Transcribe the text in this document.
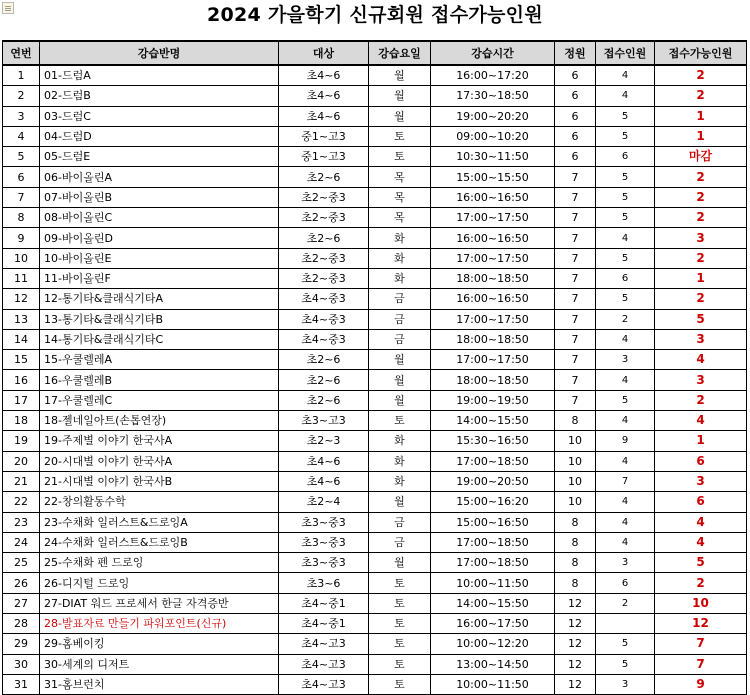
2024 가을학기 신규회원 접수가능인원
연번	강습반명	대상	강습요일	강습시간	정원	접수인원	접수가능인원
1	01-드럼A	초4~6	월	16:00~17:20	6	4	2
2	02-드럼B	초4~6	월	17:30~18:50	6	4	2
3	03-드럼C	초4~6	월	19:00~20:20	6	5	1
4	04-드럼D	중1~고3	토	09:00~10:20	6	5	1
5	05-드럼E	중1~고3	토	10:30~11:50	6	6	마감
6	06-바이올린A	초2~6	목	15:00~15:50	7	5	2
7	07-바이올린B	초2~중3	목	16:00~16:50	7	5	2
8	08-바이올린C	초2~중3	목	17:00~17:50	7	5	2
9	09-바이올린D	초2~6	화	16:00~16:50	7	4	3
10	10-바이올린E	초2~중3	화	17:00~17:50	7	5	2
11	11-바이올린F	초2~중3	화	18:00~18:50	7	6	1
12	12-통기타&클래식기타A	초4~중3	금	16:00~16:50	7	5	2
13	13-통기타&클래식기타B	초4~중3	금	17:00~17:50	7	2	5
14	14-통기타&클래식기타C	초4~중3	금	18:00~18:50	7	4	3
15	15-우쿨렐레A	초2~6	월	17:00~17:50	7	3	4
16	16-우쿨렐레B	초2~6	월	18:00~18:50	7	4	3
17	17-우쿨렐레C	초2~6	월	19:00~19:50	7	5	2
18	18-젤네일아트(손톱연장)	초3~고3	토	14:00~15:50	8	4	4
19	19-주제별 이야기 한국사A	초2~3	화	15:30~16:50	10	9	1
20	20-시대별 이야기 한국사A	초4~6	화	17:00~18:50	10	4	6
21	21-시대별 이야기 한국사B	초4~6	화	19:00~20:50	10	7	3
22	22-창의활동수학	초2~4	월	15:00~16:20	10	4	6
23	23-수채화 일러스트&드로잉A	초3~중3	금	15:00~16:50	8	4	4
24	24-수채화 일러스트&드로잉B	초3~중3	금	17:00~18:50	8	4	4
25	25-수채화 펜 드로잉	초3~중3	월	17:00~18:50	8	3	5
26	26-디지털 드로잉	초3~6	토	10:00~11:50	8	6	2
27	27-DIAT 워드 프로세서 한글 자격증반	초4~중1	토	14:00~15:50	12	2	10
28	28-발표자료 만들기 파워포인트(신규)	초4~중1	토	16:00~17:50	12		12
29	29-홈베이킹	초4~고3	토	10:00~12:20	12	5	7
30	30-세계의 디저트	초4~고3	토	13:00~14:50	12	5	7
31	31-홈브런치	초4~고3	토	10:00~11:50	12	3	9
